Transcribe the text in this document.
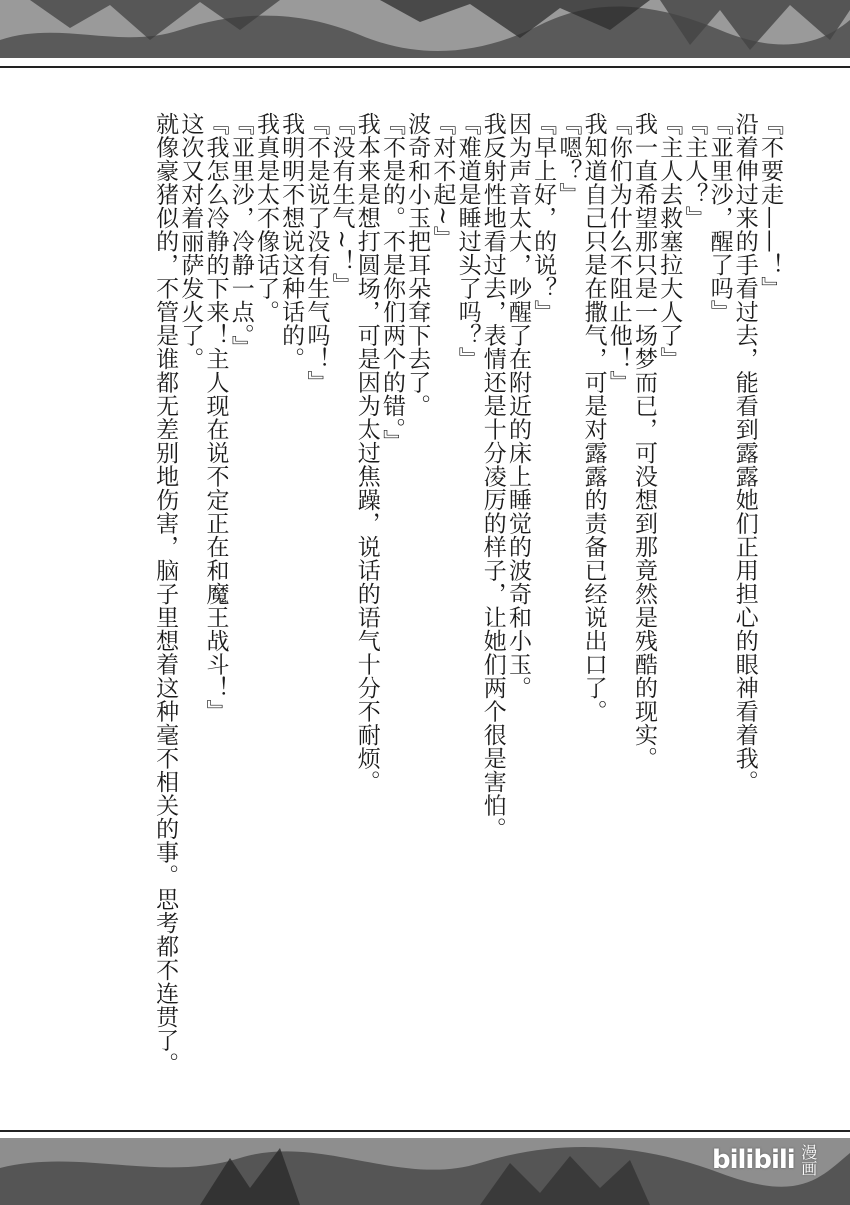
『不要走——！』
沿着伸过来的手看过去，能看到露露她们正用担心的眼神看着我。
『亚里沙，醒了吗』
『主人？』
『主人去救塞拉大人了』
我一直希望那只是一场梦而已，可没想到那竟然是残酷的现实。
『你们为什么不阻止他！』
我知道自己只是在撒气，可是对露露的责备已经说出口了。
『嗯？』
『早上好，的说？』
因为声音太大，吵醒了在附近的床上睡觉的波奇和小玉。
我反射性地看过去，表情还是十分凌厉的样子，让她们两个很是害怕。
『难道是睡过头了吗？』
『对不起~』
波奇和小玉把耳朵耷下去了。
『不是的。不是你们两个的错。』
我本来是想打圆场，可是因为太过焦躁，说话的语气十分不耐烦。
『没有生气~！』
『不是说了没有生气吗！』
我明明不想说这种话的。
我真是太不像话了。
『亚里沙，冷静一点。』
『我怎么冷静的下来！主人现在说不定正在和魔王战斗！』
这次又对着丽萨发火了。
就像豪猪似的，不管是谁都无差别地伤害，脑子里想着这种毫不相关的事。思考都不连贯了。
bilibili 漫画
